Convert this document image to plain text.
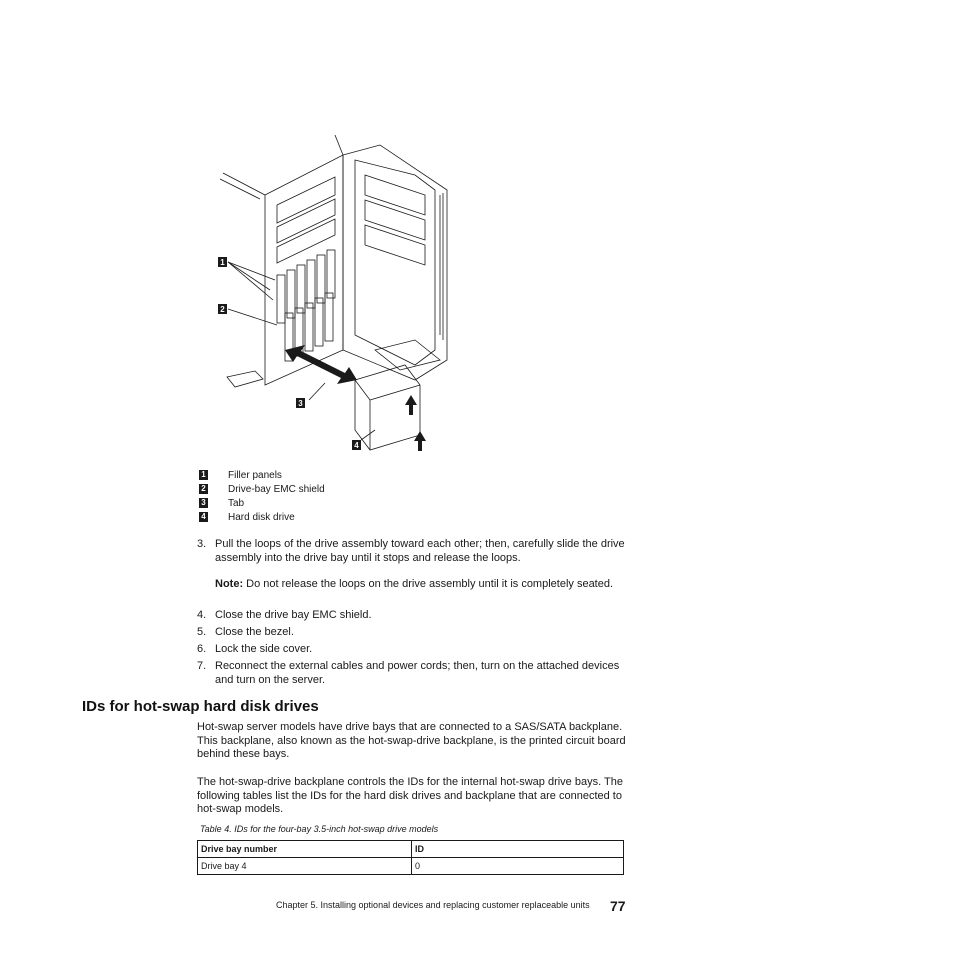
1
2
3
4
1 Filler panels
2 Drive-bay EMC shield
3 Tab
4 Hard disk drive
3. Pull the loops of the drive assembly toward each other; then, carefully slide the drive assembly into the drive bay until it stops and release the loops.
Note: Do not release the loops on the drive assembly until it is completely seated.
4. Close the drive bay EMC shield.
5. Close the bezel.
6. Lock the side cover.
7. Reconnect the external cables and power cords; then, turn on the attached devices and turn on the server.
IDs for hot-swap hard disk drives
Hot-swap server models have drive bays that are connected to a SAS/SATA backplane. This backplane, also known as the hot-swap-drive backplane, is the printed circuit board behind these bays.
The hot-swap-drive backplane controls the IDs for the internal hot-swap drive bays. The following tables list the IDs for the hard disk drives and backplane that are connected to hot-swap models.
Table 4. IDs for the four-bay 3.5-inch hot-swap drive models
Drive bay number	ID
Drive bay 4	0
Chapter 5. Installing optional devices and replacing customer replaceable units 77
